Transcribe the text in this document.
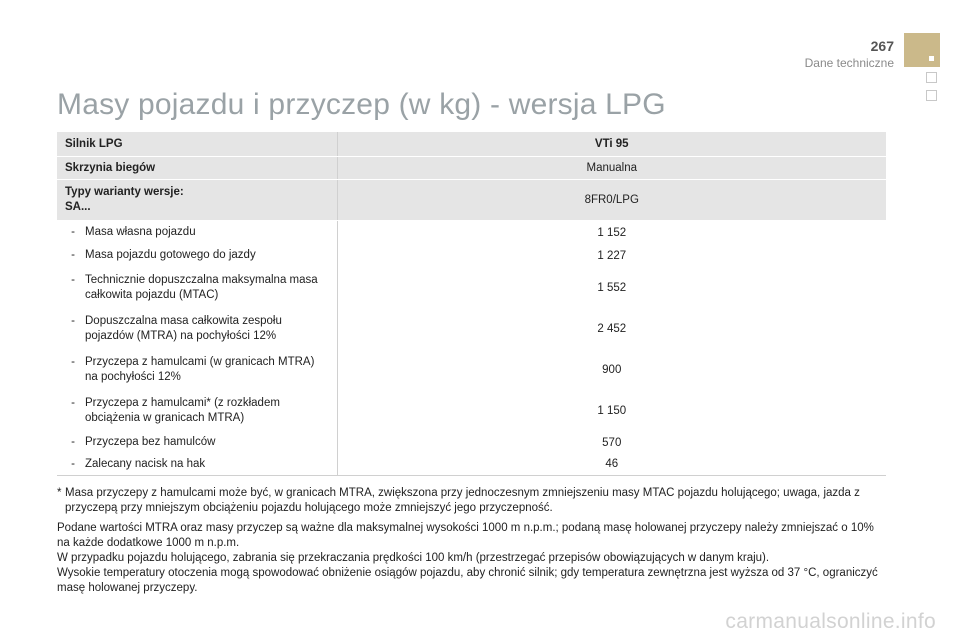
267
Dane techniczne
Masy pojazdu i przyczep (w kg) - wersja LPG
Silnik LPG	VTi 95
Skrzynia biegów	Manualna

Typy warianty wersje:
SA...	8FR0/LPG

- Masa własna pojazdu	1 152

- Masa pojazdu gotowego do jazdy	1 227

- Technicznie dopuszczalna maksymalna masa całkowita pojazdu (MTAC)	1 552

- Dopuszczalna masa całkowita zespołu pojazdów (MTRA) na pochyłości 12%	2 452

- Przyczepa z hamulcami (w granicach MTRA) na pochyłości 12%	900

- Przyczepa z hamulcami* (z rozkładem obciążenia w granicach MTRA)	1 150

- Przyczepa bez hamulców	570

- Zalecany nacisk na hak	46
* Masa przyczepy z hamulcami może być, w granicach MTRA, zwiększona przy jednoczesnym zmniejszeniu masy MTAC pojazdu holującego; uwaga, jazda z przyczepą przy mniejszym obciążeniu pojazdu holującego może zmniejszyć jego przyczepność.

Podane wartości MTRA oraz masy przyczep są ważne dla maksymalnej wysokości 1000 m n.p.m.; podaną masę holowanej przyczepy należy zmniejszać o 10% na każde dodatkowe 1000 m n.p.m.

W przypadku pojazdu holującego, zabrania się przekraczania prędkości 100 km/h (przestrzegać przepisów obowiązujących w danym kraju).

Wysokie temperatury otoczenia mogą spowodować obniżenie osiągów pojazdu, aby chronić silnik; gdy temperatura zewnętrzna jest wyższa od 37 °C, ograniczyć masę holowanej przyczepy.

carmanualsonline.info
